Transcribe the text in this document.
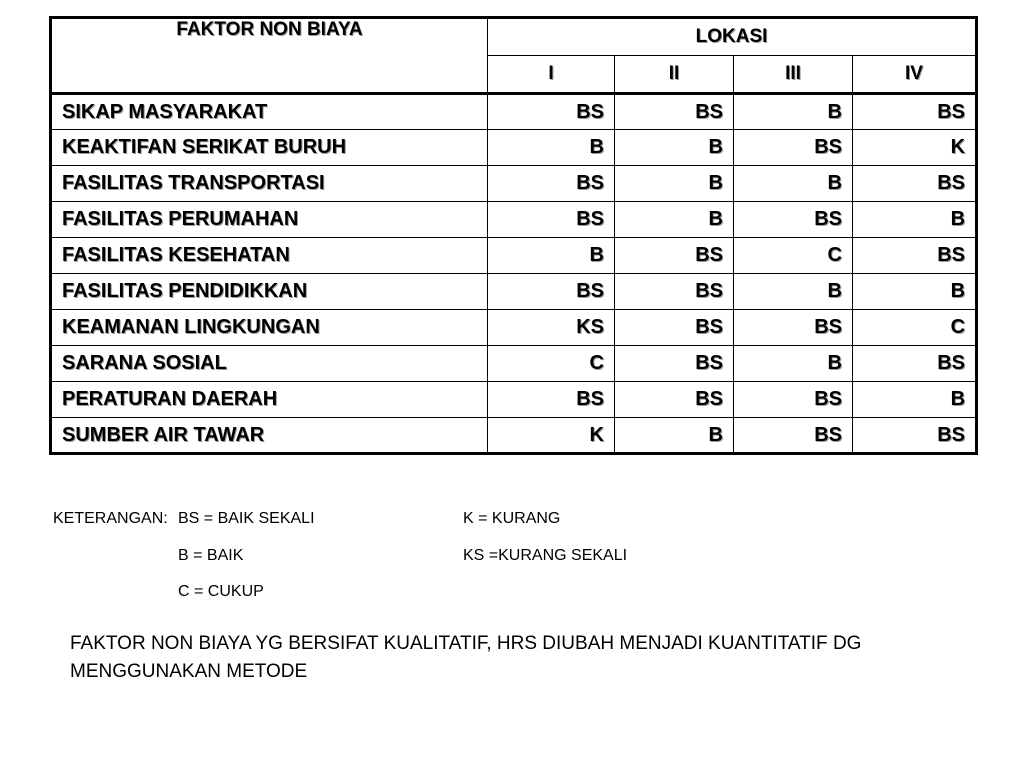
FAKTOR NON BIAYA	LOKASI			
	I	II	III	IV
SIKAP MASYARAKAT	BS	BS	B	BS
KEAKTIFAN SERIKAT BURUH	B	B	BS	K
FASILITAS TRANSPORTASI	BS	B	B	BS
FASILITAS PERUMAHAN	BS	B	BS	B
FASILITAS KESEHATAN	B	BS	C	BS
FASILITAS PENDIDIKKAN	BS	BS	B	B
KEAMANAN LINGKUNGAN	KS	BS	BS	C
SARANA SOSIAL	C	BS	B	BS
PERATURAN DAERAH	BS	BS	BS	B
SUMBER AIR TAWAR	K	B	BS	BS
KETERANGAN: BS = BAIK SEKALI
B = BAIK
C = CUKUP
K = KURANG
KS =KURANG SEKALI
FAKTOR NON BIAYA YG BERSIFAT KUALITATIF, HRS DIUBAH MENJADI KUANTITATIF DG MENGGUNAKAN METODE
